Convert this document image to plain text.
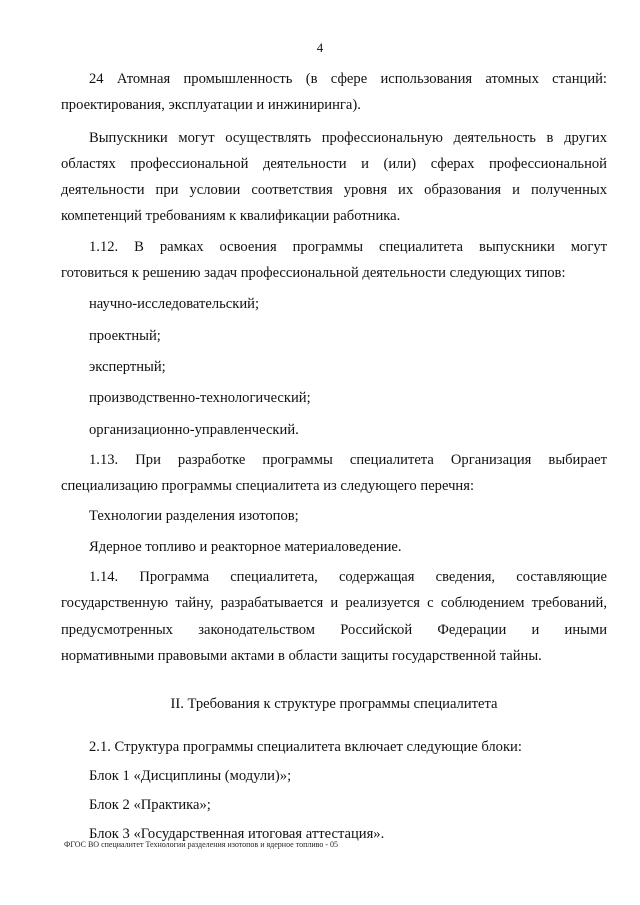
4
24 Атомная промышленность (в сфере использования атомных станций:
проектирования, эксплуатации и инжиниринга).
Выпускники могут осуществлять профессиональную деятельность в других
областях профессиональной деятельности и (или) сферах профессиональной
деятельности при условии соответствия уровня их образования и полученных
компетенций требованиям к квалификации работника.
1.12. В рамках освоения программы специалитета выпускники могут
готовиться к решению задач профессиональной деятельности следующих типов:
научно-исследовательский;
проектный;
экспертный;
производственно-технологический;
организационно-управленческий.
1.13. При разработке программы специалитета Организация выбирает
специализацию программы специалитета из следующего перечня:
Технологии разделения изотопов;
Ядерное топливо и реакторное материаловедение.
1.14. Программа специалитета, содержащая сведения, составляющие
государственную тайну, разрабатывается и реализуется с соблюдением требований,
предусмотренных законодательством Российской Федерации и иными
нормативными правовыми актами в области защиты государственной тайны.
II. Требования к структуре программы специалитета
2.1. Структура программы специалитета включает следующие блоки:
Блок 1 «Дисциплины (модули)»;
Блок 2 «Практика»;
Блок 3 «Государственная итоговая аттестация».
ФГОС ВО специалитет Технологии разделения изотопов и ядерное топливо - 05
